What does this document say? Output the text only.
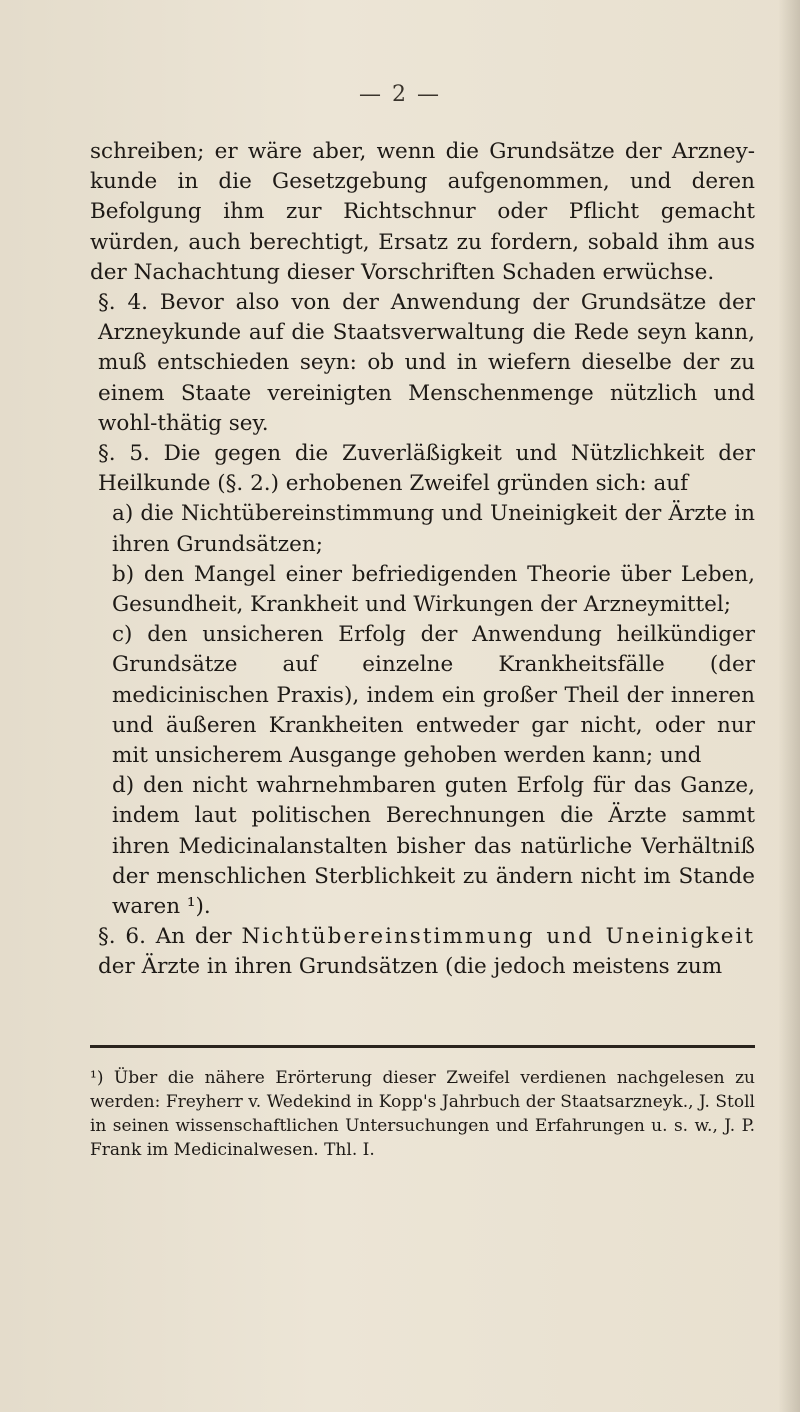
— 2 —

schreiben; er wäre aber, wenn die Grundsätze der Arzney-kunde in die Gesetzgebung aufgenommen, und deren Befolgung ihm zur Richtschnur oder Pflicht gemacht würden, auch berechtigt, Ersatz zu fordern, sobald ihm aus der Nachachtung dieser Vorschriften Schaden erwüchse.

§. 4. Bevor also von der Anwendung der Grundsätze der Arzneykunde auf die Staatsverwaltung die Rede seyn kann, muß entschieden seyn: ob und in wiefern dieselbe der zu einem Staate vereinigten Menschenmenge nützlich und wohl-thätig sey.

§. 5. Die gegen die Zuverläßigkeit und Nützlichkeit der Heilkunde (§. 2.) erhobenen Zweifel gründen sich: auf

a) die Nichtübereinstimmung und Uneinigkeit der Ärzte in ihren Grundsätzen;

b) den Mangel einer befriedigenden Theorie über Leben, Gesundheit, Krankheit und Wirkungen der Arzneymittel;

c) den unsicheren Erfolg der Anwendung heilkündiger Grundsätze auf einzelne Krankheitsfälle (der medicinischen Praxis), indem ein großer Theil der inneren und äußeren Krankheiten entweder gar nicht, oder nur mit unsicherem Ausgange gehoben werden kann; und

d) den nicht wahrnehmbaren guten Erfolg für das Ganze, indem laut politischen Berechnungen die Ärzte sammt ihren Medicinalanstalten bisher das natürliche Verhältniß der menschlichen Sterblichkeit zu ändern nicht im Stande waren ¹).

§. 6. An der Nichtübereinstimmung und Uneinigkeit der Ärzte in ihren Grundsätzen (die jedoch meistens zum

¹) Über die nähere Erörterung dieser Zweifel verdienen nachgelesen zu werden: Freyherr v. Wedekind in Kopp's Jahrbuch der Staatsarzneyk., J. Stoll in seinen wissenschaftlichen Untersuchungen und Erfahrungen u. s. w., J. P. Frank im Medicinalwesen. Thl. I.
